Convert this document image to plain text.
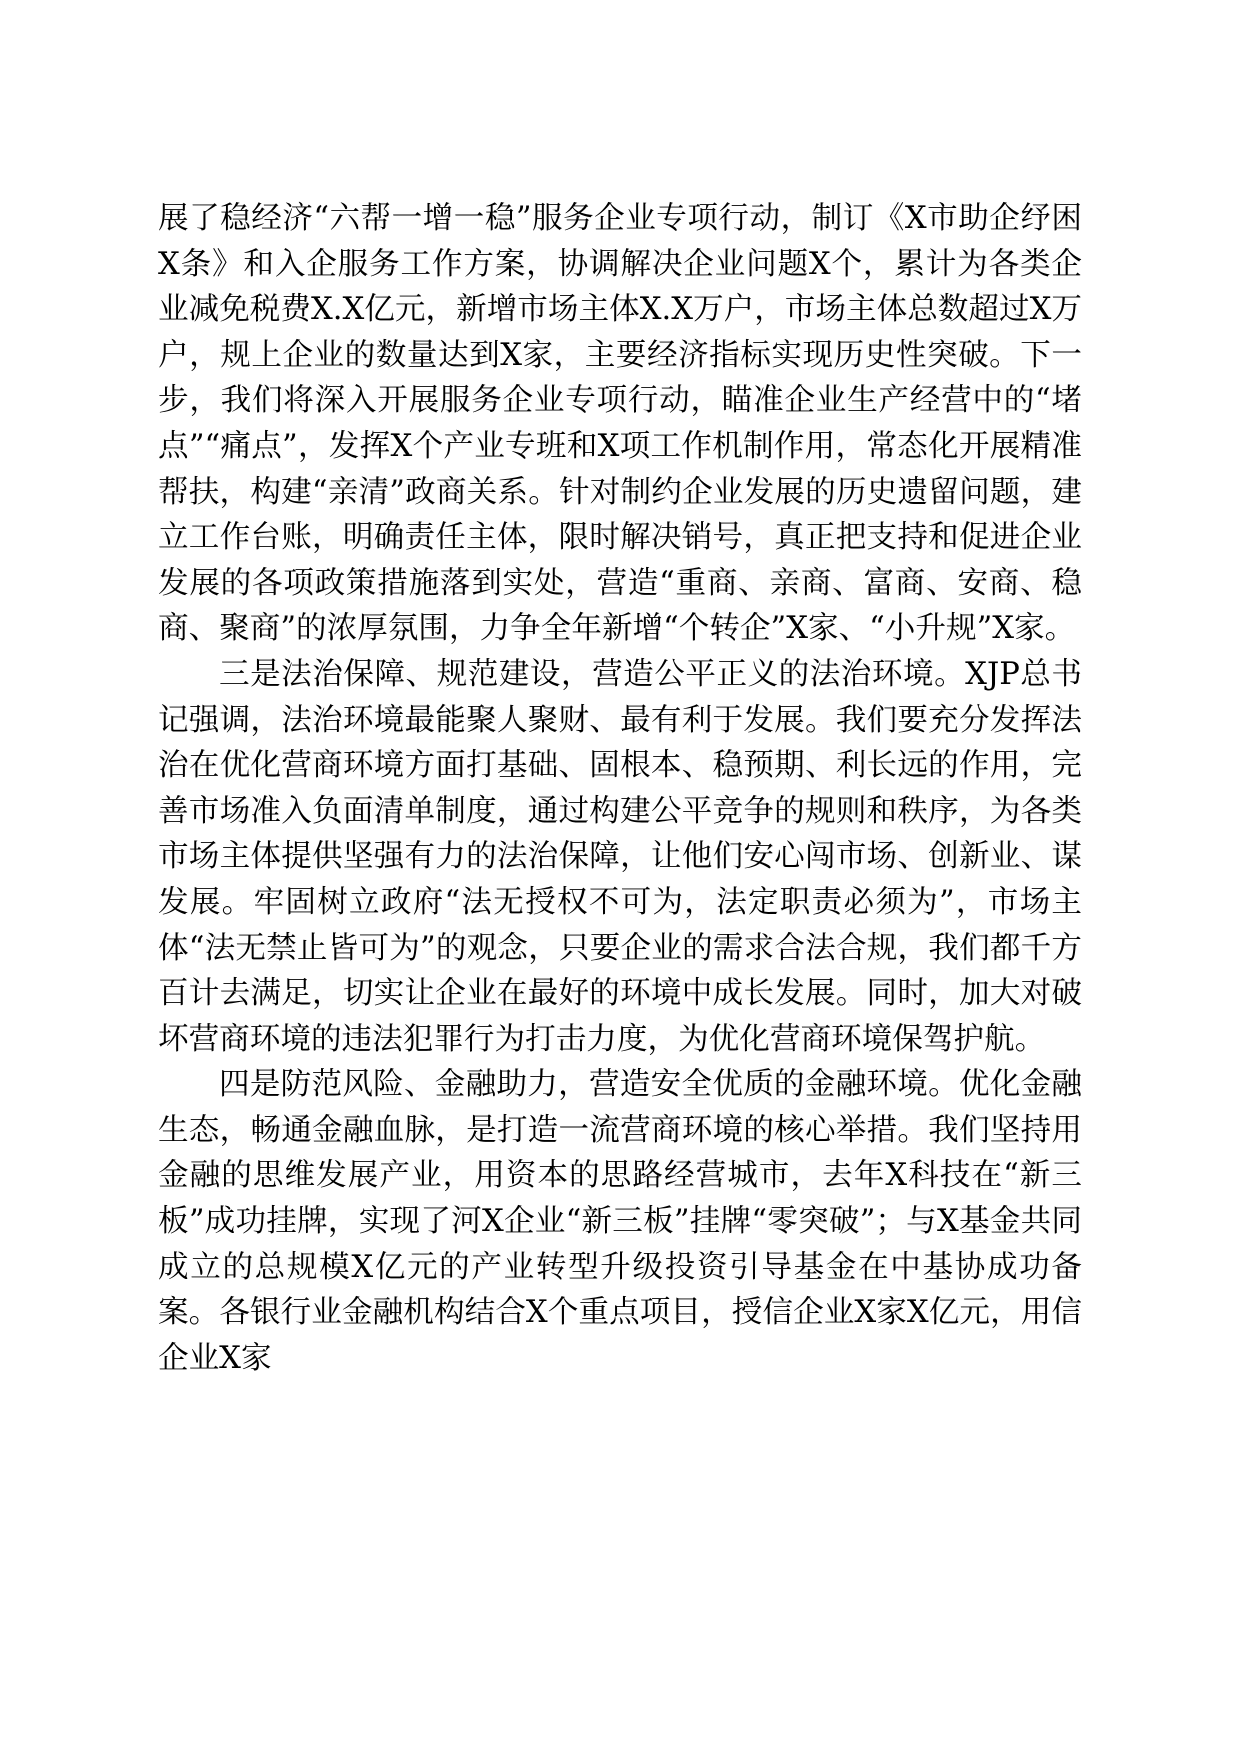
展了稳经济“六帮一增一稳”服务企业专项行动，制订《X市助企纾困X条》和入企服务工作方案，协调解决企业问题X个，累计为各类企业减免税费X.X亿元，新增市场主体X.X万户，市场主体总数超过X万户，规上企业的数量达到X家，主要经济指标实现历史性突破。下一步，我们将深入开展服务企业专项行动，瞄准企业生产经营中的“堵点”“痛点”，发挥X个产业专班和X项工作机制作用，常态化开展精准帮扶，构建“亲清”政商关系。针对制约企业发展的历史遗留问题，建立工作台账，明确责任主体，限时解决销号，真正把支持和促进企业发展的各项政策措施落到实处，营造“重商、亲商、富商、安商、稳商、聚商”的浓厚氛围，力争全年新增“个转企”X家、“小升规”X家。

三是法治保障、规范建设，营造公平正义的法治环境。XJP总书记强调，法治环境最能聚人聚财、最有利于发展。我们要充分发挥法治在优化营商环境方面打基础、固根本、稳预期、利长远的作用，完善市场准入负面清单制度，通过构建公平竞争的规则和秩序，为各类市场主体提供坚强有力的法治保障，让他们安心闯市场、创新业、谋发展。牢固树立政府“法无授权不可为，法定职责必须为”，市场主体“法无禁止皆可为”的观念，只要企业的需求合法合规，我们都千方百计去满足，切实让企业在最好的环境中成长发展。同时，加大对破坏营商环境的违法犯罪行为打击力度，为优化营商环境保驾护航。

四是防范风险、金融助力，营造安全优质的金融环境。优化金融生态，畅通金融血脉，是打造一流营商环境的核心举措。我们坚持用金融的思维发展产业，用资本的思路经营城市，去年X科技在“新三板”成功挂牌，实现了河X企业“新三板”挂牌“零突破”；与X基金共同成立的总规模X亿元的产业转型升级投资引导基金在中基协成功备案。各银行业金融机构结合X个重点项目，授信企业X家X亿元，用信企业X家
